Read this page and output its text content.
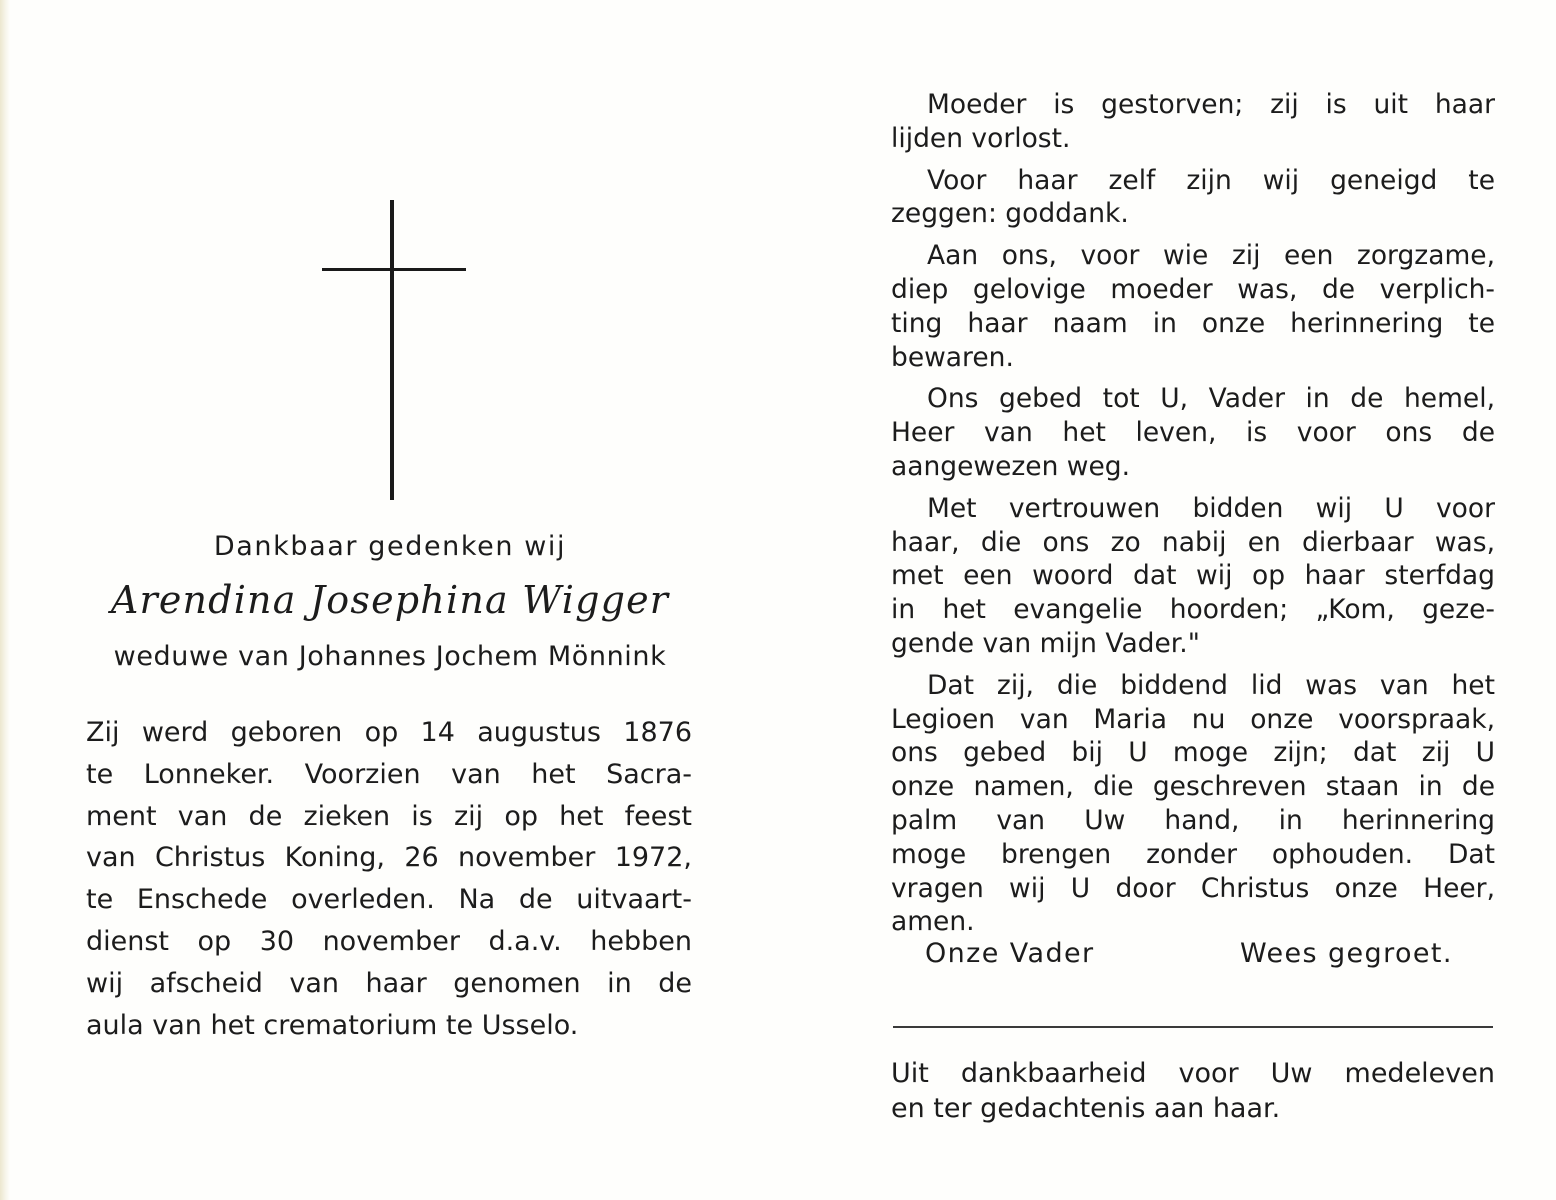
Dankbaar gedenken wij
Arendina Josephina Wigger
weduwe van Johannes Jochem Mönnink
Zij werd geboren op 14 augustus 1876
te Lonneker. Voorzien van het Sacra-
ment van de zieken is zij op het feest
van Christus Koning, 26 november 1972,
te Enschede overleden. Na de uitvaart-
dienst op 30 november d.a.v. hebben
wij afscheid van haar genomen in de
aula van het crematorium te Usselo.
Moeder is gestorven; zij is uit haar
lijden vorlost.
Voor haar zelf zijn wij geneigd te
zeggen: goddank.
Aan ons, voor wie zij een zorgzame,
diep gelovige moeder was, de verplich-
ting haar naam in onze herinnering te
bewaren.
Ons gebed tot U, Vader in de hemel,
Heer van het leven, is voor ons de
aangewezen weg.
Met vertrouwen bidden wij U voor
haar, die ons zo nabij en dierbaar was,
met een woord dat wij op haar sterfdag
in het evangelie hoorden; „Kom, geze-
gende van mijn Vader."
Dat zij, die biddend lid was van het
Legioen van Maria nu onze voorspraak,
ons gebed bij U moge zijn; dat zij U
onze namen, die geschreven staan in de
palm van Uw hand, in herinnering
moge brengen zonder ophouden. Dat
vragen wij U door Christus onze Heer,
amen.
Onze Vader	Wees gegroet.
Uit dankbaarheid voor Uw medeleven
en ter gedachtenis aan haar.
